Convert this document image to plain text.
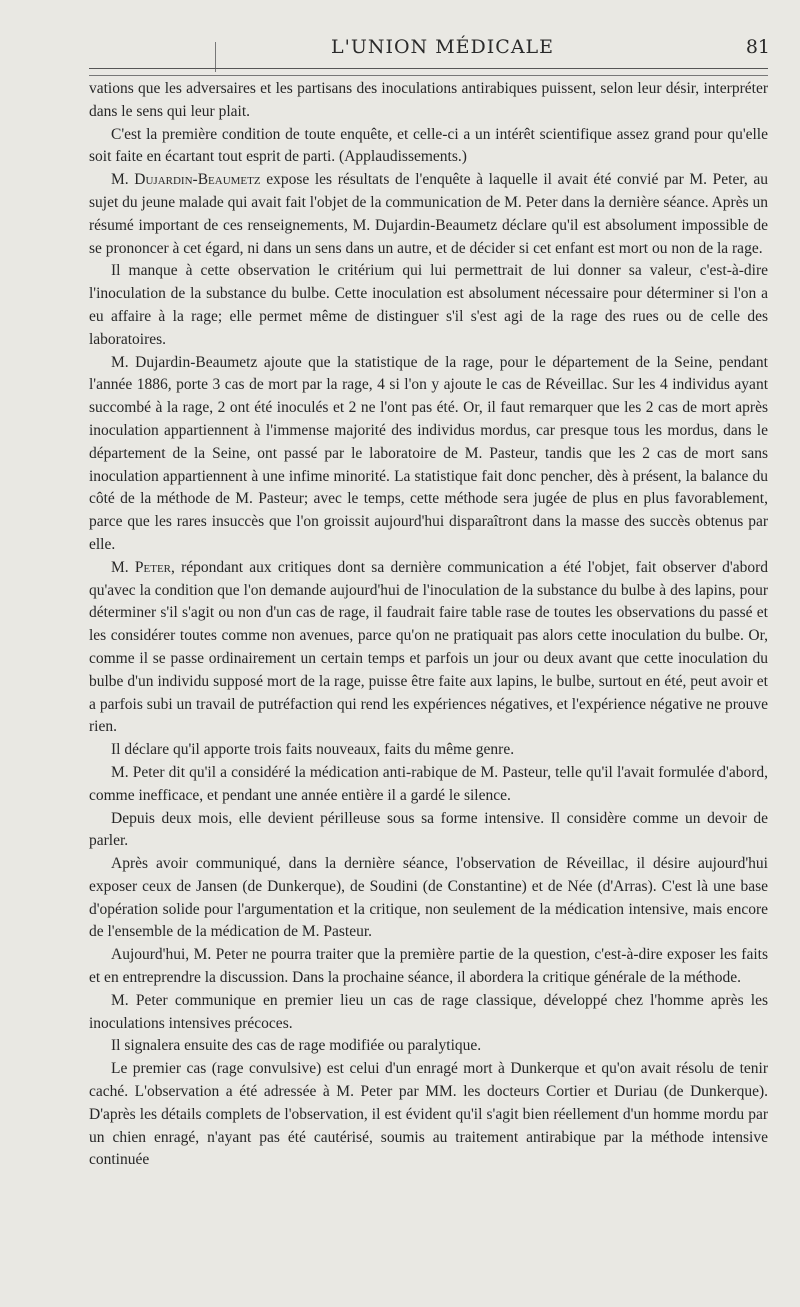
L'UNION MÉDICALE	81

vations que les adversaires et les partisans des inoculations antirabiques puissent, selon leur désir, interpréter dans le sens qui leur plait.

C'est la première condition de toute enquête, et celle-ci a un intérêt scientifique assez grand pour qu'elle soit faite en écartant tout esprit de parti. (Applaudissements.)

M. Dujardin-Beaumetz expose les résultats de l'enquête à laquelle il avait été convié par M. Peter, au sujet du jeune malade qui avait fait l'objet de la communication de M. Peter dans la dernière séance. Après un résumé important de ces renseignements, M. Dujardin-Beaumetz déclare qu'il est absolument impossible de se prononcer à cet égard, ni dans un sens dans un autre, et de décider si cet enfant est mort ou non de la rage.

Il manque à cette observation le critérium qui lui permettrait de lui donner sa valeur, c'est-à-dire l'inoculation de la substance du bulbe. Cette inoculation est absolument nécessaire pour déterminer si l'on a eu affaire à la rage; elle permet même de distinguer s'il s'est agi de la rage des rues ou de celle des laboratoires.

M. Dujardin-Beaumetz ajoute que la statistique de la rage, pour le département de la Seine, pendant l'année 1886, porte 3 cas de mort par la rage, 4 si l'on y ajoute le cas de Réveillac. Sur les 4 individus ayant succombé à la rage, 2 ont été inoculés et 2 ne l'ont pas été. Or, il faut remarquer que les 2 cas de mort après inoculation appartiennent à l'immense majorité des individus mordus, car presque tous les mordus, dans le département de la Seine, ont passé par le laboratoire de M. Pasteur, tandis que les 2 cas de mort sans inoculation appartiennent à une infime minorité. La statistique fait donc pencher, dès à présent, la balance du côté de la méthode de M. Pasteur; avec le temps, cette méthode sera jugée de plus en plus favorablement, parce que les rares insuccès que l'on groissit aujourd'hui disparaîtront dans la masse des succès obtenus par elle.

M. Peter, répondant aux critiques dont sa dernière communication a été l'objet, fait observer d'abord qu'avec la condition que l'on demande aujourd'hui de l'inoculation de la substance du bulbe à des lapins, pour déterminer s'il s'agit ou non d'un cas de rage, il faudrait faire table rase de toutes les observations du passé et les considérer toutes comme non avenues, parce qu'on ne pratiquait pas alors cette inoculation du bulbe. Or, comme il se passe ordinairement un certain temps et parfois un jour ou deux avant que cette inoculation du bulbe d'un individu supposé mort de la rage, puisse être faite aux lapins, le bulbe, surtout en été, peut avoir et a parfois subi un travail de putréfaction qui rend les expériences négatives, et l'expérience négative ne prouve rien.

Il déclare qu'il apporte trois faits nouveaux, faits du même genre.

M. Peter dit qu'il a considéré la médication anti-rabique de M. Pasteur, telle qu'il l'avait formulée d'abord, comme inefficace, et pendant une année entière il a gardé le silence.

Depuis deux mois, elle devient périlleuse sous sa forme intensive. Il considère comme un devoir de parler.

Après avoir communiqué, dans la dernière séance, l'observation de Réveillac, il désire aujourd'hui exposer ceux de Jansen (de Dunkerque), de Soudini (de Constantine) et de Née (d'Arras). C'est là une base d'opération solide pour l'argumentation et la critique, non seulement de la médication intensive, mais encore de l'ensemble de la médication de M. Pasteur.

Aujourd'hui, M. Peter ne pourra traiter que la première partie de la question, c'est-à-dire exposer les faits et en entreprendre la discussion. Dans la prochaine séance, il abordera la critique générale de la méthode.

M. Peter communique en premier lieu un cas de rage classique, développé chez l'homme après les inoculations intensives précoces.

Il signalera ensuite des cas de rage modifiée ou paralytique.

Le premier cas (rage convulsive) est celui d'un enragé mort à Dunkerque et qu'on avait résolu de tenir caché. L'observation a été adressée à M. Peter par MM. les docteurs Cortier et Duriau (de Dunkerque). D'après les détails complets de l'observation, il est évident qu'il s'agit bien réellement d'un homme mordu par un chien enragé, n'ayant pas été cautérisé, soumis au traitement antirabique par la méthode intensive continuée
